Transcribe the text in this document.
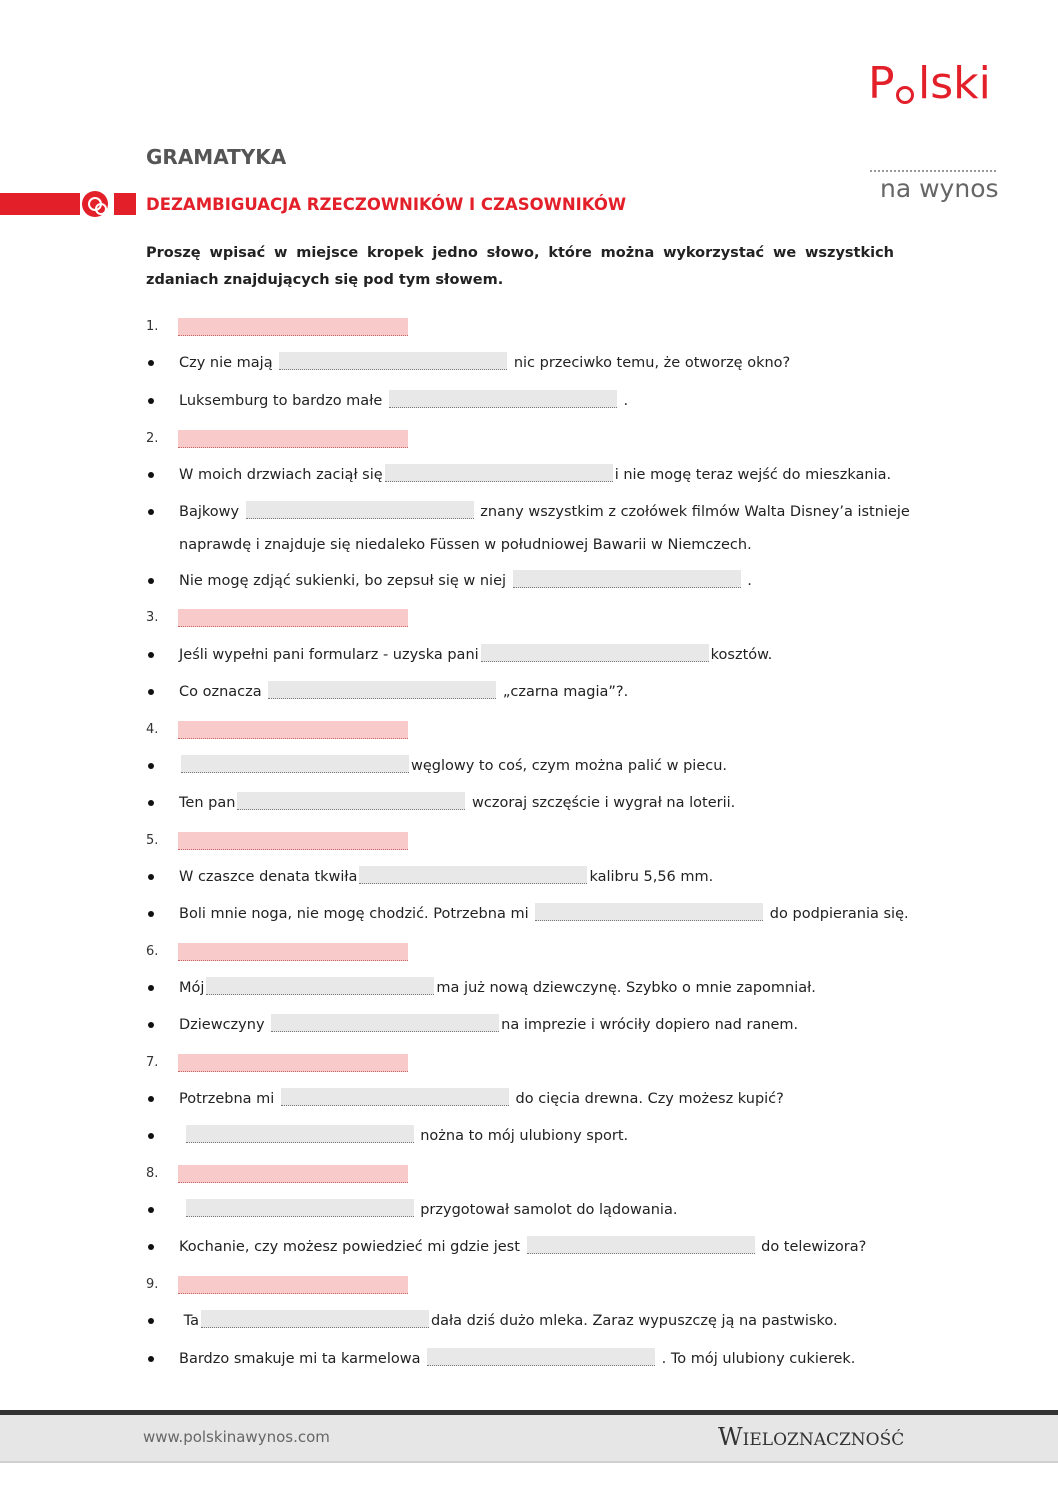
P lski
na wynos
GRAMATYKA
DEZAMBIGUACJA RZECZOWNIKÓW I CZASOWNIKÓW
Proszę wpisać w miejsce kropek jedno słowo, które można wykorzystać we wszystkich zdaniach znajdujących się pod tym słowem.
1.
Czy nie mają	nic przeciwko temu, że otworzę okno?
Luksemburg to bardzo małe	.
2.
W moich drzwiach zaciął się	i nie mogę teraz wejść do mieszkania.
Bajkowy	znany wszystkim z czołówek filmów Walta Disney’a istnieje
naprawdę i znajduje się niedaleko Füssen w południowej Bawarii w Niemczech.
Nie mogę zdjąć sukienki, bo zepsuł się w niej	.
3.
Jeśli wypełni pani formularz - uzyska pani	kosztów.
Co oznacza	„czarna magia”?.
4.
węglowy to coś, czym można palić w piecu.
Ten pan	wczoraj szczęście i wygrał na loterii.
5.
W czaszce denata tkwiła	kalibru 5,56 mm.
Boli mnie noga, nie mogę chodzić. Potrzebna mi	do podpierania się.
6.
Mój	ma już nową dziewczynę. Szybko o mnie zapomniał.
Dziewczyny	na imprezie i wróciły dopiero nad ranem.
7.
Potrzebna mi	do cięcia drewna. Czy możesz kupić?
nożna to mój ulubiony sport.
8.
przygotował samolot do lądowania.
Kochanie, czy możesz powiedzieć mi gdzie jest	do telewizora?
9.
Ta	dała dziś dużo mleka. Zaraz wypuszczę ją na pastwisko.
Bardzo smakuje mi ta karmelowa	. To mój ulubiony cukierek.
www.polskinawynos.com	Wieloznaczność
